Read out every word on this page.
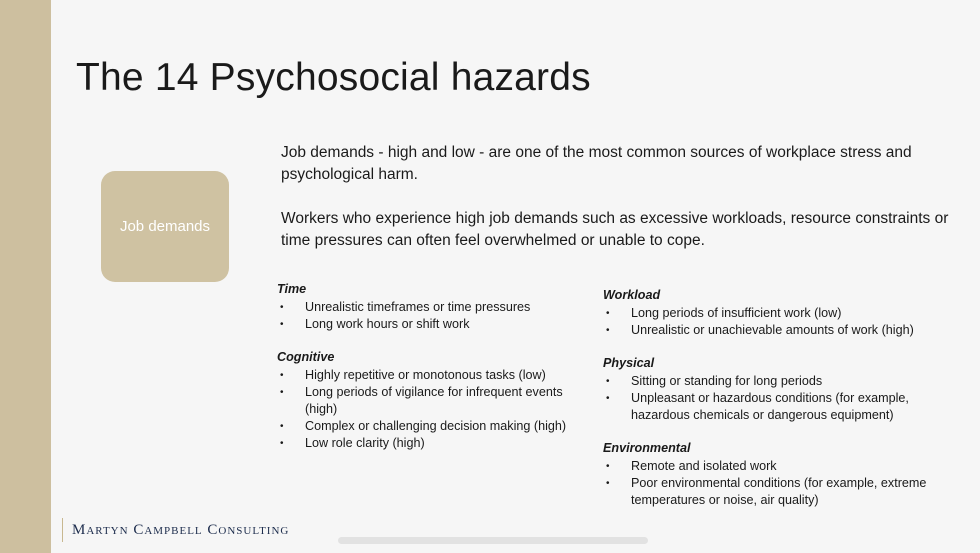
The 14 Psychosocial hazards
Job demands

Job demands - high and low - are one of the most common sources of workplace stress and psychological harm.

Workers who experience high job demands such as excessive workloads, resource constraints or time pressures can often feel overwhelmed or unable to cope.

Time
• Unrealistic timeframes or time pressures
• Long work hours or shift work
Cognitive
• Highly repetitive or monotonous tasks (low)
• Long periods of vigilance for infrequent events (high)
• Complex or challenging decision making (high)
• Low role clarity (high)
Workload
• Long periods of insufficient work (low)
• Unrealistic or unachievable amounts of work (high)
Physical
• Sitting or standing for long periods
• Unpleasant or hazardous conditions (for example, hazardous chemicals or dangerous equipment)
Environmental
• Remote and isolated work
• Poor environmental conditions (for example, extreme temperatures or noise, air quality)
Martyn Campbell Consulting
